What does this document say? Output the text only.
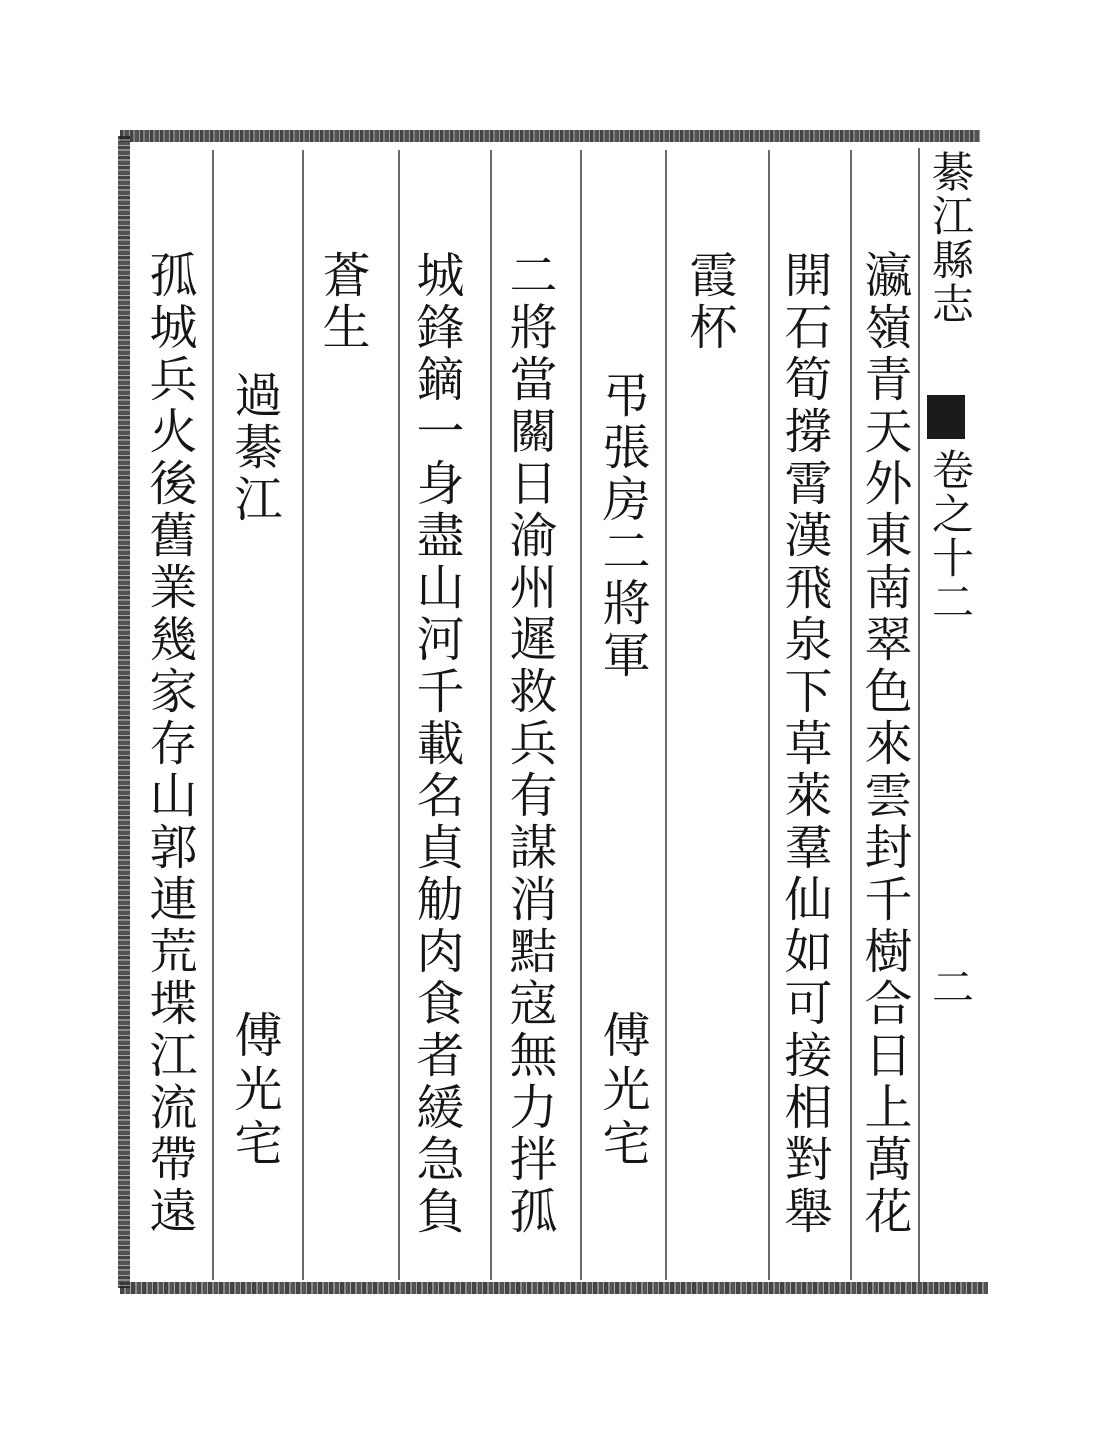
綦江縣志
卷之十二
二
瀛嶺青天外東南翠色來雲封千樹合日上萬花
開石筍撐霄漢飛泉下草萊羣仙如可接相對舉
霞杯
弔張房二將軍
傅光宅
二將當關日渝州遲救兵有謀消黠寇無力拌孤
城鋒鏑一身盡山河千載名貞觔肉食者緩急負
蒼生
過綦江
傅光宅
孤城兵火後舊業幾家存山郭連荒堞江流帶遠
